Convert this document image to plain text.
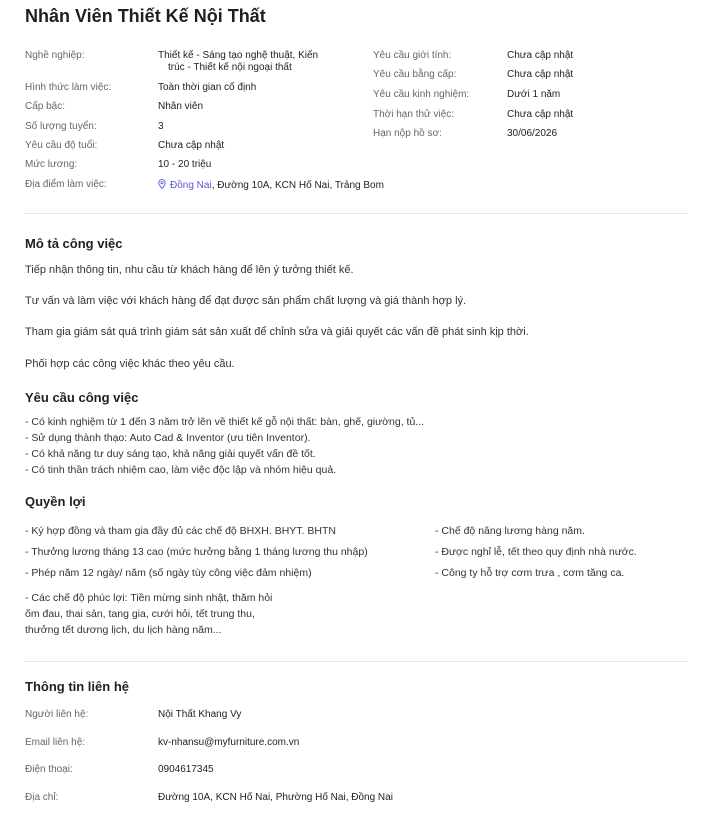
Nhân Viên Thiết Kế Nội Thất
Nghề nghiệp:	Thiết kế - Sáng tạo nghệ thuật, Kiến
trúc - Thiết kế nội ngoại thất
Hình thức làm việc:	Toàn thời gian cố định
Cấp bậc:	Nhân viên
Số lượng tuyển:	3
Yêu cầu độ tuổi:	Chưa cập nhật
Mức lương:	10 - 20 triệu
Địa điểm làm việc:	Đồng Nai, Đường 10A, KCN Hố Nai, Trảng Bom
Yêu cầu giới tính:	Chưa cập nhật
Yêu cầu bằng cấp:	Chưa cập nhật
Yêu cầu kinh nghiệm:	Dưới 1 năm
Thời hạn thử việc:	Chưa cập nhật
Hạn nộp hồ sơ:	30/06/2026
Mô tả công việc
Tiếp nhận thông tin, nhu cầu từ khách hàng để lên ý tưởng thiết kế.
Tư vấn và làm việc với khách hàng để đạt được sản phẩm chất lượng và giá thành hợp lý.
Tham gia giám sát quá trình giám sát sản xuất để chỉnh sửa và giải quyết các vấn đề phát sinh kịp thời.
Phối hợp các công việc khác theo yêu cầu.
Yêu cầu công việc
- Có kinh nghiệm từ 1 đến 3 năm trở lên về thiết kế gỗ nội thất: bàn, ghế, giường, tủ...
- Sử dụng thành thạo: Auto Cad & Inventor (ưu tiên Inventor).
- Có khả năng tư duy sáng tạo, khả năng giải quyết vấn đề tốt.
- Có tinh thần trách nhiệm cao, làm việc độc lập và nhóm hiệu quả.
Quyền lợi
- Ký hợp đồng và tham gia đầy đủ các chế độ BHXH. BHYT. BHTN
- Thưởng lương tháng 13 cao (mức hưởng bằng 1 tháng lương thu nhập)
- Phép năm 12 ngày/ năm (số ngày tùy công việc đảm nhiệm)
- Chế độ nâng lương hàng năm.
- Được nghỉ lễ, tết theo quy định nhà nước.
- Công ty hỗ trợ cơm trưa , cơm tăng ca.
- Các chế độ phúc lợi: Tiền mừng sinh nhật, thăm hỏi
ốm đau, thai sản, tang gia, cưới hỏi, tết trung thu,
thưởng tết dương lịch, du lịch hàng năm...
Thông tin liên hệ
Người liên hệ:	Nội Thất Khang Vy
Email liên hệ:	kv-nhansu@myfurniture.com.vn
Điện thoại:	0904617345
Địa chỉ:	Đường 10A, KCN Hố Nai, Phường Hố Nai, Đồng Nai
